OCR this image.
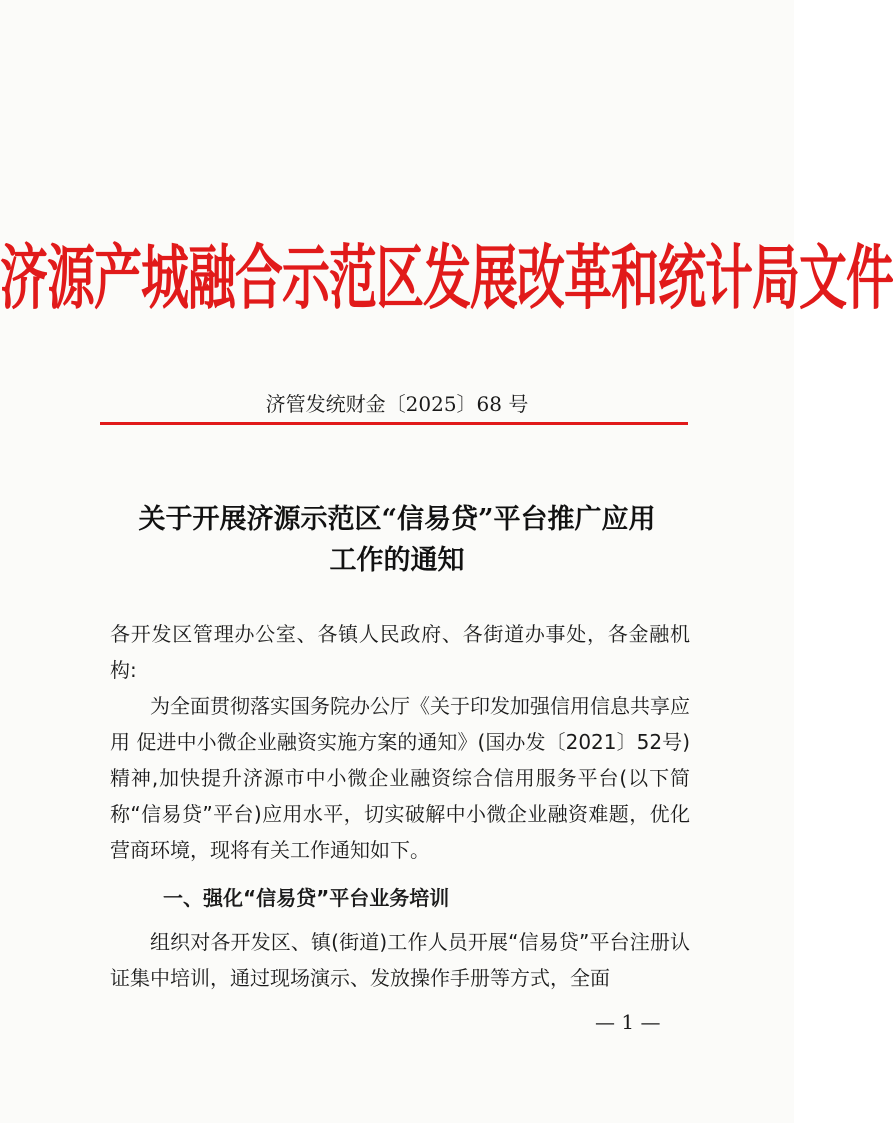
济源产城融合示范区发展改革和统计局文件
济管发统财金〔2025〕68 号
关于开展济源示范区“信易贷”平台推广应用
工作的通知
各开发区管理办公室、各镇人民政府、各街道办事处，各金融机构:
为全面贯彻落实国务院办公厅《关于印发加强信用信息共享应用 促进中小微企业融资实施方案的通知》(国办发〔2021〕52号)精神,加快提升济源市中小微企业融资综合信用服务平台(以下简称“信易贷”平台)应用水平，切实破解中小微企业融资难题，优化营商环境，现将有关工作通知如下。
一、强化“信易贷”平台业务培训
组织对各开发区、镇(街道)工作人员开展“信易贷”平台注册认证集中培训，通过现场演示、发放操作手册等方式，全面
— 1 —
